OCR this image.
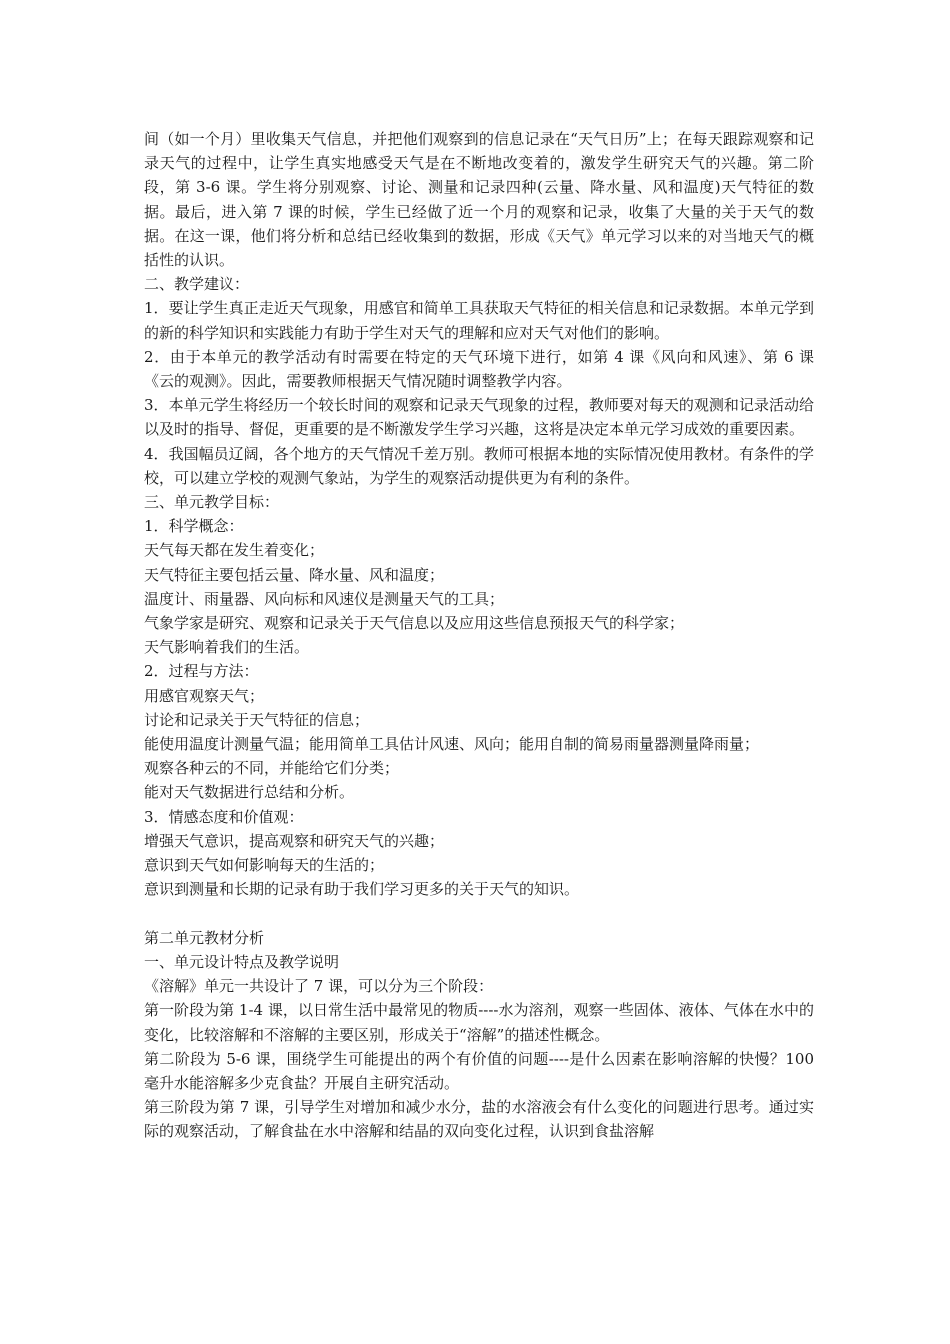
间（如一个月）里收集天气信息，并把他们观察到的信息记录在“天气日历”上；在每天跟踪观察和记录天气的过程中，让学生真实地感受天气是在不断地改变着的，激发学生研究天气的兴趣。第二阶段，第 3-6 课。学生将分别观察、讨论、测量和记录四种(云量、降水量、风和温度)天气特征的数据。最后，进入第 7 课的时候，学生已经做了近一个月的观察和记录，收集了大量的关于天气的数据。在这一课，他们将分析和总结已经收集到的数据，形成《天气》单元学习以来的对当地天气的概括性的认识。

二、教学建议：

1．要让学生真正走近天气现象，用感官和简单工具获取天气特征的相关信息和记录数据。本单元学到的新的科学知识和实践能力有助于学生对天气的理解和应对天气对他们的影响。

2．由于本单元的教学活动有时需要在特定的天气环境下进行，如第 4 课《风向和风速》、第 6 课《云的观测》。因此，需要教师根据天气情况随时调整教学内容。

3．本单元学生将经历一个较长时间的观察和记录天气现象的过程，教师要对每天的观测和记录活动给以及时的指导、督促，更重要的是不断激发学生学习兴趣，这将是决定本单元学习成效的重要因素。

4．我国幅员辽阔，各个地方的天气情况千差万别。教师可根据本地的实际情况使用教材。有条件的学校，可以建立学校的观测气象站，为学生的观察活动提供更为有利的条件。

三、单元教学目标：

1．科学概念：

天气每天都在发生着变化；

天气特征主要包括云量、降水量、风和温度；

温度计、雨量器、风向标和风速仪是测量天气的工具；

气象学家是研究、观察和记录关于天气信息以及应用这些信息预报天气的科学家；

天气影响着我们的生活。

2．过程与方法：

用感官观察天气；

讨论和记录关于天气特征的信息；

能使用温度计测量气温；能用简单工具估计风速、风向；能用自制的简易雨量器测量降雨量；

观察各种云的不同，并能给它们分类；

能对天气数据进行总结和分析。

3．情感态度和价值观：

增强天气意识，提高观察和研究天气的兴趣；

意识到天气如何影响每天的生活的；

意识到测量和长期的记录有助于我们学习更多的关于天气的知识。

第二单元教材分析

一、单元设计特点及教学说明

《溶解》单元一共设计了 7 课，可以分为三个阶段：

第一阶段为第 1-4 课，以日常生活中最常见的物质----水为溶剂，观察一些固体、液体、气体在水中的变化，比较溶解和不溶解的主要区别，形成关于“溶解”的描述性概念。

第二阶段为 5-6 课，围绕学生可能提出的两个有价值的问题----是什么因素在影响溶解的快慢？100 毫升水能溶解多少克食盐？开展自主研究活动。

第三阶段为第 7 课，引导学生对增加和减少水分，盐的水溶液会有什么变化的问题进行思考。通过实际的观察活动，了解食盐在水中溶解和结晶的双向变化过程，认识到食盐溶解
